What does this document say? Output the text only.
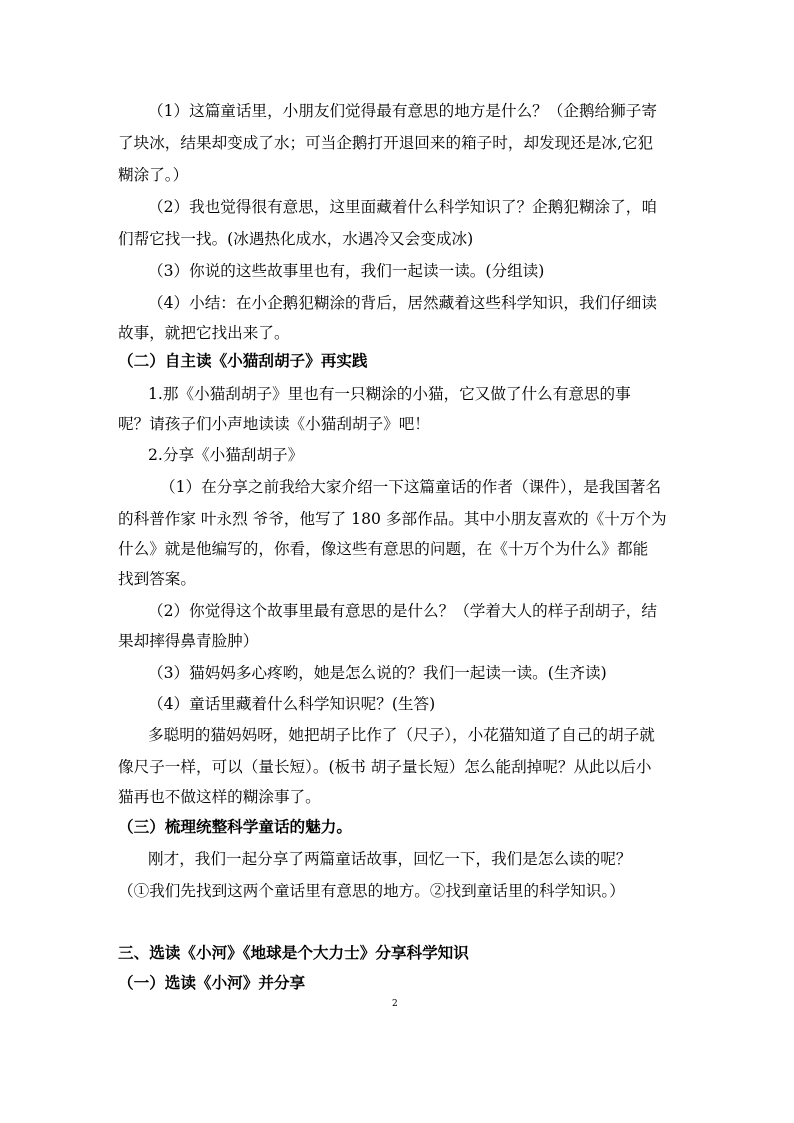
（1）这篇童话里，小朋友们觉得最有意思的地方是什么？（企鹅给狮子寄
了块冰，结果却变成了水；可当企鹅打开退回来的箱子时，却发现还是冰,它犯
糊涂了。）
（2）我也觉得很有意思，这里面藏着什么科学知识了？企鹅犯糊涂了，咱
们帮它找一找。(冰遇热化成水，水遇冷又会变成冰)
（3）你说的这些故事里也有，我们一起读一读。(分组读)
（4）小结：在小企鹅犯糊涂的背后，居然藏着这些科学知识，我们仔细读
故事，就把它找出来了。
（二）自主读《小猫刮胡子》再实践
1.那《小猫刮胡子》里也有一只糊涂的小猫，它又做了什么有意思的事
呢？请孩子们小声地读读《小猫刮胡子》吧！
2.分享《小猫刮胡子》
（1）在分享之前我给大家介绍一下这篇童话的作者（课件），是我国著名
的科普作家 叶永烈 爷爷，他写了 180 多部作品。其中小朋友喜欢的《十万个为
什么》就是他编写的，你看，像这些有意思的问题，在《十万个为什么》都能
找到答案。
（2）你觉得这个故事里最有意思的是什么？（学着大人的样子刮胡子，结
果却摔得鼻青脸肿）
（3）猫妈妈多心疼哟，她是怎么说的？我们一起读一读。(生齐读)
（4）童话里藏着什么科学知识呢？(生答)
多聪明的猫妈妈呀，她把胡子比作了（尺子），小花猫知道了自己的胡子就
像尺子一样，可以（量长短）。(板书 胡子量长短）怎么能刮掉呢？从此以后小
猫再也不做这样的糊涂事了。
（三）梳理统整科学童话的魅力。
刚才，我们一起分享了两篇童话故事，回忆一下，我们是怎么读的呢？
（①我们先找到这两个童话里有意思的地方。②找到童话里的科学知识。）
三、选读《小河》《地球是个大力士》分享科学知识
（一）选读《小河》并分享
2
